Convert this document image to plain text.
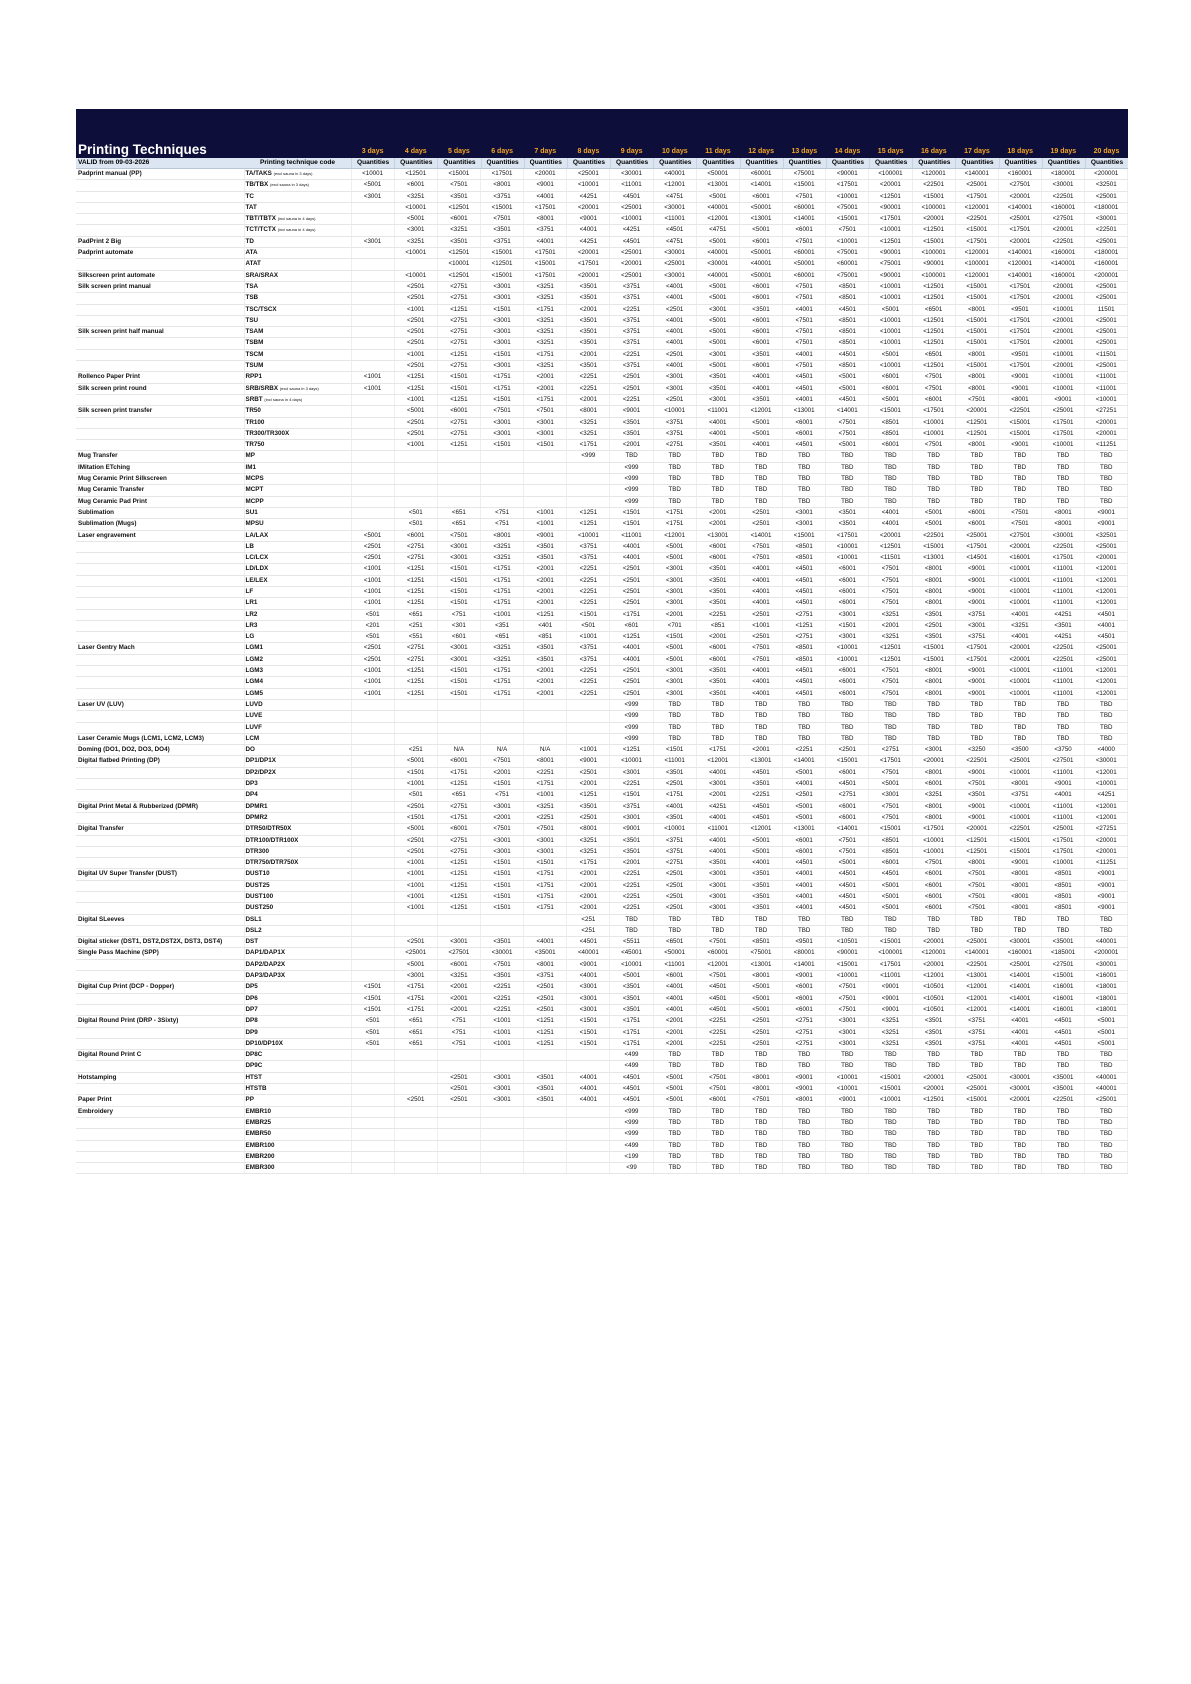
Printing Techniques	3 days	4 days	5 days	6 days	7 days	8 days	9 days	10 days	11 days	12 days	13 days	14 days	15 days	16 days	17 days	18 days	19 days	20 days
VALID from 09-03-2026	Printing technique code	Quantities	Quantities	Quantities	Quantities	Quantities	Quantities	Quantities	Quantities	Quantities	Quantities	Quantities	Quantities	Quantities	Quantities	Quantities	Quantities	Quantities	Quantities
Padprint manual (PP)	TA/TAKS (excl sauna in 3 days)	<10001	<12501	<15001	<17501	<20001	<25001	<30001	<40001	<50001	<60001	<75001	<90001	<100001	<120001	<140001	<160001	<180001	<200001
	TB/TBX (excl sauna in 3 days)	<5001	<6001	<7501	<8001	<9001	<10001	<11001	<12001	<13001	<14001	<15001	<17501	<20001	<22501	<25001	<27501	<30001	<32501
	TC	<3001	<3251	<3501	<3751	<4001	<4251	<4501	<4751	<5001	<6001	<7501	<10001	<12501	<15001	<17501	<20001	<22501	<25001
	TAT		<10001	<12501	<15001	<17501	<20001	<25001	<30001	<40001	<50001	<60001	<75001	<90001	<100001	<120001	<140001	<160001	<180001
	TBT/TBTX (incl sauna in 4 days)		<5001	<6001	<7501	<8001	<9001	<10001	<11001	<12001	<13001	<14001	<15001	<17501	<20001	<22501	<25001	<27501	<30001
	TCT/TCTX (incl sauna in 4 days)		<3001	<3251	<3501	<3751	<4001	<4251	<4501	<4751	<5001	<6001	<7501	<10001	<12501	<15001	<17501	<20001	<22501
PadPrint 2 Big	TD	<3001	<3251	<3501	<3751	<4001	<4251	<4501	<4751	<5001	<6001	<7501	<10001	<12501	<15001	<17501	<20001	<22501	<25001
Padprint automate	ATA		<10001	<12501	<15001	<17501	<20001	<25001	<30001	<40001	<50001	<60001	<75001	<90001	<100001	<120001	<140001	<160001	<180001
	ATAT			<10001	<12501	<15001	<17501	<20001	<25001	<30001	<40001	<50001	<60001	<75001	<90001	<100001	<120001	<140001	<160001
Silkscreen print automate	SRA/SRAX		<10001	<12501	<15001	<17501	<20001	<25001	<30001	<40001	<50001	<60001	<75001	<90001	<100001	<120001	<140001	<160001	<200001
Silk screen print manual	TSA		<2501	<2751	<3001	<3251	<3501	<3751	<4001	<5001	<6001	<7501	<8501	<10001	<12501	<15001	<17501	<20001	<25001
	TSB		<2501	<2751	<3001	<3251	<3501	<3751	<4001	<5001	<6001	<7501	<8501	<10001	<12501	<15001	<17501	<20001	<25001
	TSC/TSCX		<1001	<1251	<1501	<1751	<2001	<2251	<2501	<3001	<3501	<4001	<4501	<5001	<6501	<8001	<9501	<10001	11501
	TSU		<2501	<2751	<3001	<3251	<3501	<3751	<4001	<5001	<6001	<7501	<8501	<10001	<12501	<15001	<17501	<20001	<25001
Silk screen print half manual	TSAM		<2501	<2751	<3001	<3251	<3501	<3751	<4001	<5001	<6001	<7501	<8501	<10001	<12501	<15001	<17501	<20001	<25001
	TSBM		<2501	<2751	<3001	<3251	<3501	<3751	<4001	<5001	<6001	<7501	<8501	<10001	<12501	<15001	<17501	<20001	<25001
	TSCM		<1001	<1251	<1501	<1751	<2001	<2251	<2501	<3001	<3501	<4001	<4501	<5001	<6501	<8001	<9501	<10001	<11501
	TSUM		<2501	<2751	<3001	<3251	<3501	<3751	<4001	<5001	<6001	<7501	<8501	<10001	<12501	<15001	<17501	<20001	<25001
Rollenco Paper Print	RPP1	<1001	<1251	<1501	<1751	<2001	<2251	<2501	<3001	<3501	<4001	<4501	<5001	<6001	<7501	<8001	<9001	<10001	<11001
Silk screen print round	SRB/SRBX (excl sauna in 3 days)	<1001	<1251	<1501	<1751	<2001	<2251	<2501	<3001	<3501	<4001	<4501	<5001	<6001	<7501	<8001	<9001	<10001	<11001
	SRBT (incl sauna in 4 days)		<1001	<1251	<1501	<1751	<2001	<2251	<2501	<3001	<3501	<4001	<4501	<5001	<6001	<7501	<8001	<9001	<10001
Silk screen print transfer	TR50		<5001	<6001	<7501	<7501	<8001	<9001	<10001	<11001	<12001	<13001	<14001	<15001	<17501	<20001	<22501	<25001	<27251
	TR100		<2501	<2751	<3001	<3001	<3251	<3501	<3751	<4001	<5001	<6001	<7501	<8501	<10001	<12501	<15001	<17501	<20001
	TR300/TR300X		<2501	<2751	<3001	<3001	<3251	<3501	<3751	<4001	<5001	<6001	<7501	<8501	<10001	<12501	<15001	<17501	<20001
	TR750		<1001	<1251	<1501	<1501	<1751	<2001	<2751	<3501	<4001	<4501	<5001	<6001	<7501	<8001	<9001	<10001	<11251
Mug Transfer	MP						<999	TBD	TBD	TBD	TBD	TBD	TBD	TBD	TBD	TBD	TBD	TBD	TBD
IMitation ETching	IM1							<999	TBD	TBD	TBD	TBD	TBD	TBD	TBD	TBD	TBD	TBD	TBD
Mug Ceramic Print Silkscreen	MCPS							<999	TBD	TBD	TBD	TBD	TBD	TBD	TBD	TBD	TBD	TBD	TBD
Mug Ceramic Transfer	MCPT							<999	TBD	TBD	TBD	TBD	TBD	TBD	TBD	TBD	TBD	TBD	TBD
Mug Ceramic Pad Print	MCPP							<999	TBD	TBD	TBD	TBD	TBD	TBD	TBD	TBD	TBD	TBD	TBD
Sublimation	SU1		<501	<651	<751	<1001	<1251	<1501	<1751	<2001	<2501	<3001	<3501	<4001	<5001	<6001	<7501	<8001	<9001
Sublimation (Mugs)	MPSU		<501	<651	<751	<1001	<1251	<1501	<1751	<2001	<2501	<3001	<3501	<4001	<5001	<6001	<7501	<8001	<9001
Laser engravement	LA/LAX	<5001	<6001	<7501	<8001	<9001	<10001	<11001	<12001	<13001	<14001	<15001	<17501	<20001	<22501	<25001	<27501	<30001	<32501
	LB	<2501	<2751	<3001	<3251	<3501	<3751	<4001	<5001	<6001	<7501	<8501	<10001	<12501	<15001	<17501	<20001	<22501	<25001
	LC/LCX	<2501	<2751	<3001	<3251	<3501	<3751	<4001	<5001	<6001	<7501	<8501	<10001	<11501	<13001	<14501	<16001	<17501	<20001
	LD/LDX	<1001	<1251	<1501	<1751	<2001	<2251	<2501	<3001	<3501	<4001	<4501	<6001	<7501	<8001	<9001	<10001	<11001	<12001
	LE/LEX	<1001	<1251	<1501	<1751	<2001	<2251	<2501	<3001	<3501	<4001	<4501	<6001	<7501	<8001	<9001	<10001	<11001	<12001
	LF	<1001	<1251	<1501	<1751	<2001	<2251	<2501	<3001	<3501	<4001	<4501	<6001	<7501	<8001	<9001	<10001	<11001	<12001
	LR1	<1001	<1251	<1501	<1751	<2001	<2251	<2501	<3001	<3501	<4001	<4501	<6001	<7501	<8001	<9001	<10001	<11001	<12001
	LR2	<501	<651	<751	<1001	<1251	<1501	<1751	<2001	<2251	<2501	<2751	<3001	<3251	<3501	<3751	<4001	<4251	<4501
	LR3	<201	<251	<301	<351	<401	<501	<601	<701	<851	<1001	<1251	<1501	<2001	<2501	<3001	<3251	<3501	<4001
	LG	<501	<551	<601	<651	<851	<1001	<1251	<1501	<2001	<2501	<2751	<3001	<3251	<3501	<3751	<4001	<4251	<4501
Laser Gentry Mach	LGM1	<2501	<2751	<3001	<3251	<3501	<3751	<4001	<5001	<6001	<7501	<8501	<10001	<12501	<15001	<17501	<20001	<22501	<25001
	LGM2	<2501	<2751	<3001	<3251	<3501	<3751	<4001	<5001	<6001	<7501	<8501	<10001	<12501	<15001	<17501	<20001	<22501	<25001
	LGM3	<1001	<1251	<1501	<1751	<2001	<2251	<2501	<3001	<3501	<4001	<4501	<6001	<7501	<8001	<9001	<10001	<11001	<12001
	LGM4	<1001	<1251	<1501	<1751	<2001	<2251	<2501	<3001	<3501	<4001	<4501	<6001	<7501	<8001	<9001	<10001	<11001	<12001
	LGM5	<1001	<1251	<1501	<1751	<2001	<2251	<2501	<3001	<3501	<4001	<4501	<6001	<7501	<8001	<9001	<10001	<11001	<12001
Laser UV (LUV)	LUVD							<999	TBD	TBD	TBD	TBD	TBD	TBD	TBD	TBD	TBD	TBD	TBD
	LUVE							<999	TBD	TBD	TBD	TBD	TBD	TBD	TBD	TBD	TBD	TBD	TBD
	LUVF							<999	TBD	TBD	TBD	TBD	TBD	TBD	TBD	TBD	TBD	TBD	TBD
Laser Ceramic Mugs (LCM1, LCM2, LCM3)	LCM							<999	TBD	TBD	TBD	TBD	TBD	TBD	TBD	TBD	TBD	TBD	TBD
Doming (DO1, DO2, DO3, DO4)	DO		<251	N/A	N/A	N/A	<1001	<1251	<1501	<1751	<2001	<2251	<2501	<2751	<3001	<3250	<3500	<3750	<4000
Digital flatbed Printing (DP)	DP1/DP1X		<5001	<6001	<7501	<8001	<9001	<10001	<11001	<12001	<13001	<14001	<15001	<17501	<20001	<22501	<25001	<27501	<30001
	DP2/DP2X		<1501	<1751	<2001	<2251	<2501	<3001	<3501	<4001	<4501	<5001	<6001	<7501	<8001	<9001	<10001	<11001	<12001
	DP3		<1001	<1251	<1501	<1751	<2001	<2251	<2501	<3001	<3501	<4001	<4501	<5001	<6001	<7501	<8001	<9001	<10001
	DP4		<501	<651	<751	<1001	<1251	<1501	<1751	<2001	<2251	<2501	<2751	<3001	<3251	<3501	<3751	<4001	<4251
Digital Print Metal & Rubberized (DPMR)	DPMR1		<2501	<2751	<3001	<3251	<3501	<3751	<4001	<4251	<4501	<5001	<6001	<7501	<8001	<9001	<10001	<11001	<12001
	DPMR2		<1501	<1751	<2001	<2251	<2501	<3001	<3501	<4001	<4501	<5001	<6001	<7501	<8001	<9001	<10001	<11001	<12001
Digital Transfer	DTR50/DTR50X		<5001	<6001	<7501	<7501	<8001	<9001	<10001	<11001	<12001	<13001	<14001	<15001	<17501	<20001	<22501	<25001	<27251
	DTR100/DTR100X		<2501	<2751	<3001	<3001	<3251	<3501	<3751	<4001	<5001	<6001	<7501	<8501	<10001	<12501	<15001	<17501	<20001
	DTR300		<2501	<2751	<3001	<3001	<3251	<3501	<3751	<4001	<5001	<6001	<7501	<8501	<10001	<12501	<15001	<17501	<20001
	DTR750/DTR750X		<1001	<1251	<1501	<1501	<1751	<2001	<2751	<3501	<4001	<4501	<5001	<6001	<7501	<8001	<9001	<10001	<11251
Digital UV Super Transfer (DUST)	DUST10		<1001	<1251	<1501	<1751	<2001	<2251	<2501	<3001	<3501	<4001	<4501	<4501	<6001	<7501	<8001	<8501	<9001
	DUST25		<1001	<1251	<1501	<1751	<2001	<2251	<2501	<3001	<3501	<4001	<4501	<5001	<6001	<7501	<8001	<8501	<9001
	DUST100		<1001	<1251	<1501	<1751	<2001	<2251	<2501	<3001	<3501	<4001	<4501	<5001	<6001	<7501	<8001	<8501	<9001
	DUST250		<1001	<1251	<1501	<1751	<2001	<2251	<2501	<3001	<3501	<4001	<4501	<5001	<6001	<7501	<8001	<8501	<9001
Digital SLeeves	DSL1						<251	TBD	TBD	TBD	TBD	TBD	TBD	TBD	TBD	TBD	TBD	TBD	TBD
	DSL2						<251	TBD	TBD	TBD	TBD	TBD	TBD	TBD	TBD	TBD	TBD	TBD	TBD
Digital sticker (DST1, DST2,DST2X, DST3, DST4)	DST		<2501	<3001	<3501	<4001	<4501	<5511	<6501	<7501	<8501	<9501	<10501	<15001	<20001	<25001	<30001	<35001	<40001
Single Pass Machine (SPP)	DAP1/DAP1X		<25001	<27501	<30001	<35001	<40001	<45001	<50001	<60001	<75001	<80001	<90001	<100001	<120001	<140001	<160001	<185001	<200001
	DAP2/DAP2X		<5001	<6001	<7501	<8001	<9001	<10001	<11001	<12001	<13001	<14001	<15001	<17501	<20001	<22501	<25001	<27501	<30001
	DAP3/DAP3X		<3001	<3251	<3501	<3751	<4001	<5001	<6001	<7501	<8001	<9001	<10001	<11001	<12001	<13001	<14001	<15001	<16001
Digital Cup Print (DCP - Dopper)	DP5	<1501	<1751	<2001	<2251	<2501	<3001	<3501	<4001	<4501	<5001	<6001	<7501	<9001	<10501	<12001	<14001	<16001	<18001
	DP6	<1501	<1751	<2001	<2251	<2501	<3001	<3501	<4001	<4501	<5001	<6001	<7501	<9001	<10501	<12001	<14001	<16001	<18001
	DP7	<1501	<1751	<2001	<2251	<2501	<3001	<3501	<4001	<4501	<5001	<6001	<7501	<9001	<10501	<12001	<14001	<16001	<18001
Digital Round Print (DRP - 3Sixty)	DP8	<501	<651	<751	<1001	<1251	<1501	<1751	<2001	<2251	<2501	<2751	<3001	<3251	<3501	<3751	<4001	<4501	<5001
	DP9	<501	<651	<751	<1001	<1251	<1501	<1751	<2001	<2251	<2501	<2751	<3001	<3251	<3501	<3751	<4001	<4501	<5001
	DP10/DP10X	<501	<651	<751	<1001	<1251	<1501	<1751	<2001	<2251	<2501	<2751	<3001	<3251	<3501	<3751	<4001	<4501	<5001
Digital Round Print C	DP8C							<499	TBD	TBD	TBD	TBD	TBD	TBD	TBD	TBD	TBD	TBD	TBD
	DP9C							<499	TBD	TBD	TBD	TBD	TBD	TBD	TBD	TBD	TBD	TBD	TBD
Hotstamping	HTST			<2501	<3001	<3501	<4001	<4501	<5001	<7501	<8001	<9001	<10001	<15001	<20001	<25001	<30001	<35001	<40001
	HTSTB			<2501	<3001	<3501	<4001	<4501	<5001	<7501	<8001	<9001	<10001	<15001	<20001	<25001	<30001	<35001	<40001
Paper Print	PP		<2501	<2501	<3001	<3501	<4001	<4501	<5001	<6001	<7501	<8001	<9001	<10001	<12501	<15001	<20001	<22501	<25001
Embroidery	EMBR10							<999	TBD	TBD	TBD	TBD	TBD	TBD	TBD	TBD	TBD	TBD	TBD
	EMBR25							<999	TBD	TBD	TBD	TBD	TBD	TBD	TBD	TBD	TBD	TBD	TBD
	EMBR50							<999	TBD	TBD	TBD	TBD	TBD	TBD	TBD	TBD	TBD	TBD	TBD
	EMBR100							<499	TBD	TBD	TBD	TBD	TBD	TBD	TBD	TBD	TBD	TBD	TBD
	EMBR200							<199	TBD	TBD	TBD	TBD	TBD	TBD	TBD	TBD	TBD	TBD	TBD
	EMBR300							<99	TBD	TBD	TBD	TBD	TBD	TBD	TBD	TBD	TBD	TBD	TBD
